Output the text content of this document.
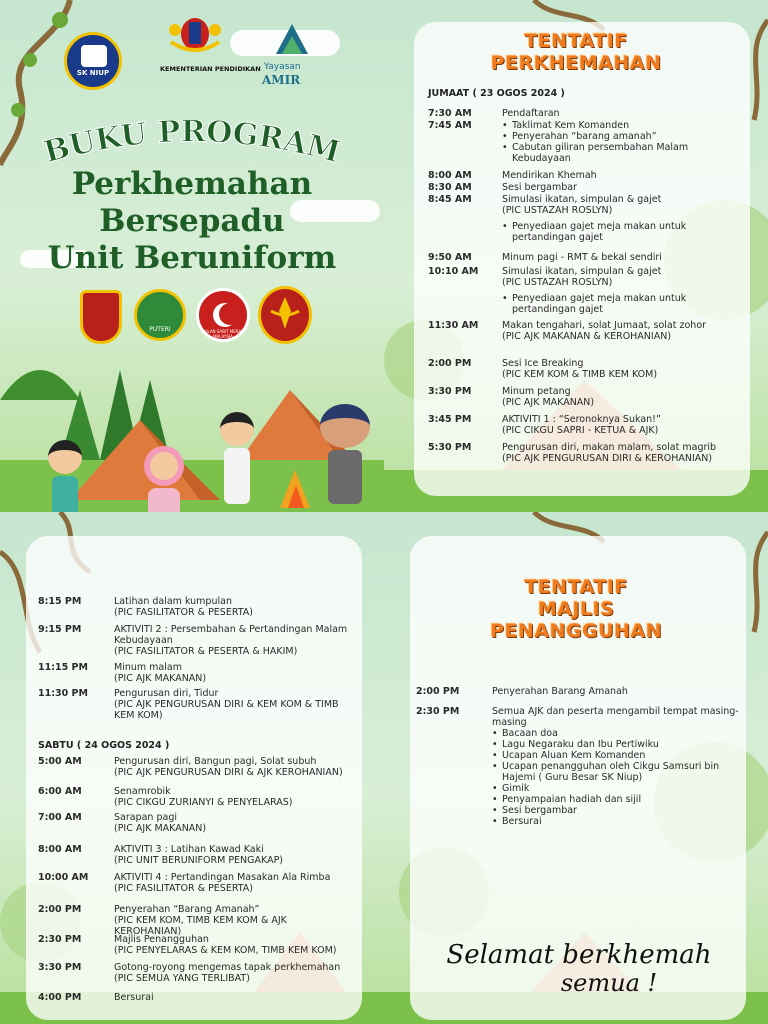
SK NIUP	KEMENTERIAN PENDIDIKAN Yayasan
AMIR
BUKU PROGRAM
Perkhemahan
Bersepadu
Unit Beruniform
PUTERI	BULAN SABIT MERAH MALAYSIA
TENTATIF
PERKHEMAHAN
JUMAAT ( 23 OGOS 2024 )
7:30 AM	Pendaftaran
7:45 AM
•	Taklimat Kem Komanden
• Penyerahan “barang amanah”
• Cabutan giliran persembahan Malam Kebudayaan
8:00 AM	Mendirikan Khemah
8:30 AM	Sesi bergambar
8:45 AM	Simulasi ikatan, simpulan & gajet
(PIC USTAZAH ROSLYN)
• Penyediaan gajet meja makan untuk pertandingan gajet
9:50 AM	Minum pagi - RMT & bekal sendiri
10:10 AM	Simulasi ikatan, simpulan & gajet
(PIC USTAZAH ROSLYN)
• Penyediaan gajet meja makan untuk pertandingan gajet
11:30 AM	Makan tengahari, solat Jumaat, solat zohor
(PIC AJK MAKANAN & KEROHANIAN)
2:00 PM	Sesi Ice Breaking
(PIC KEM KOM & TIMB KEM KOM)
3:30 PM	Minum petang
(PIC AJK MAKANAN)
3:45 PM	AKTIVITI 1 : “Seronoknya Sukan!”
(PIC CIKGU SAPRI - KETUA & AJK)
5:30 PM	Pengurusan diri, makan malam, solat magrib
(PIC AJK PENGURUSAN DIRI & KEROHANIAN)
8:15 PM	Latihan dalam kumpulan
(PIC FASILITATOR & PESERTA)
9:15 PM	AKTIVITI 2 : Persembahan & Pertandingan Malam Kebudayaan
(PIC FASILITATOR & PESERTA & HAKIM)
11:15 PM	Minum malam
(PIC AJK MAKANAN)
11:30 PM	Pengurusan diri, Tidur
(PIC AJK PENGURUSAN DIRI & KEM KOM & TIMB KEM KOM)
SABTU ( 24 OGOS 2024 )
5:00 AM	Pengurusan diri, Bangun pagi, Solat subuh
(PIC AJK PENGURUSAN DIRI & AJK KEROHANIAN)
6:00 AM	Senamrobik
(PIC CIKGU ZURIANYI & PENYELARAS)
7:00 AM	Sarapan pagi
(PIC AJK MAKANAN)
8:00 AM	AKTIVITI 3 : Latihan Kawad Kaki
(PIC UNIT BERUNIFORM PENGAKAP)
10:00 AM	AKTIVITI 4 : Pertandingan Masakan Ala Rimba
(PIC FASILITATOR & PESERTA)
2:00 PM	Penyerahan “Barang Amanah”
(PIC KEM KOM, TIMB KEM KOM & AJK KEROHANIAN)
2:30 PM	Majlis Penangguhan
(PIC PENYELARAS & KEM KOM, TIMB KEM KOM)
3:30 PM	Gotong-royong mengemas tapak perkhemahan
(PIC SEMUA YANG TERLIBAT)
4:00 PM	Bersurai
TENTATIF
MAJLIS
PENANGGUHAN
2:00 PM	Penyerahan Barang Amanah
2:30 PM	Semua AJK dan peserta mengambil tempat masing-masing
• Bacaan doa
• Lagu Negaraku dan Ibu Pertiwiku
• Ucapan Aluan Kem Komanden
• Ucapan penangguhan oleh Cikgu Samsuri bin Hajemi ( Guru Besar SK Niup)
• Gimik
• Penyampaian hadiah dan sijil
• Sesi bergambar
• Bersurai
Selamat berkhemah
semua !
